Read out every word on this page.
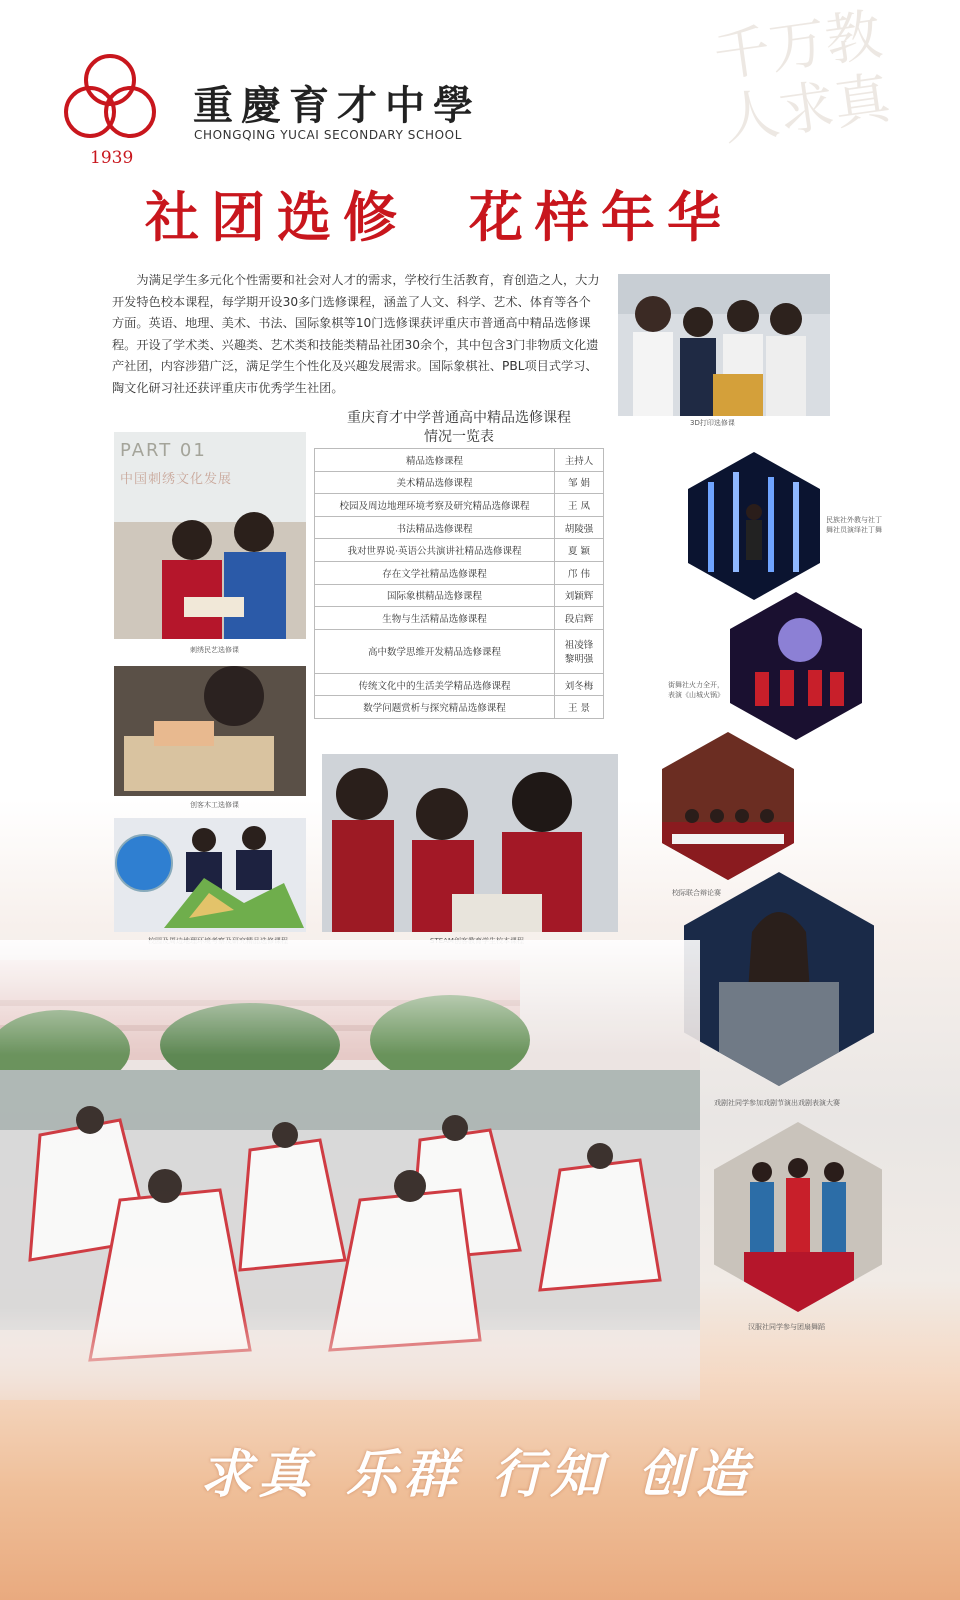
千万教人求真
1939
重慶育才中學
CHONGQING YUCAI SECONDARY SCHOOL
社团选修 花样年华
为满足学生多元化个性需要和社会对人才的需求，学校行生活教育，育创造之人，大力开发特色校本课程，每学期开设30多门选修课程，涵盖了人文、科学、艺术、体育等各个方面。英语、地理、美术、书法、国际象棋等10门选修课获评重庆市普通高中精品选修课程。开设了学术类、兴趣类、艺术类和技能类精品社团30余个，其中包含3门非物质文化遗产社团，内容涉猎广泛，满足学生个性化及兴趣发展需求。国际象棋社、PBL项目式学习、陶文化研习社还获评重庆市优秀学生社团。
3D打印选修课
PART 01
中国刺绣文化发展
刺绣民艺选修课
创客木工选修课
重庆育才中学普通高中精品选修课程
情况一览表
精品选修课程	主持人
美术精品选修课程	邹 娟
校园及周边地理环境考察及研究精品选修课程	王 凤
书法精品选修课程	胡陵强
我对世界说·英语公共演讲社精品选修课程	夏 颖
存在文学社精品选修课程	邝 伟
国际象棋精品选修课程	刘颖辉
生物与生活精品选修课程	段启辉
高中数学思维开发精品选修课程	祖凌锋
黎明强
传统文化中的生活美学精品选修课程	刘冬梅
数学问题赏析与探究精品选修课程	王 景
民族社外教与社丁舞社员演绎社丁舞
街舞社火力全开，表演《山城火锅》
校际联合辩论赛
戏剧社同学参加戏剧节演出戏剧表演大赛
汉服社同学参与团扇舞蹈
求真 乐群 行知 创造
